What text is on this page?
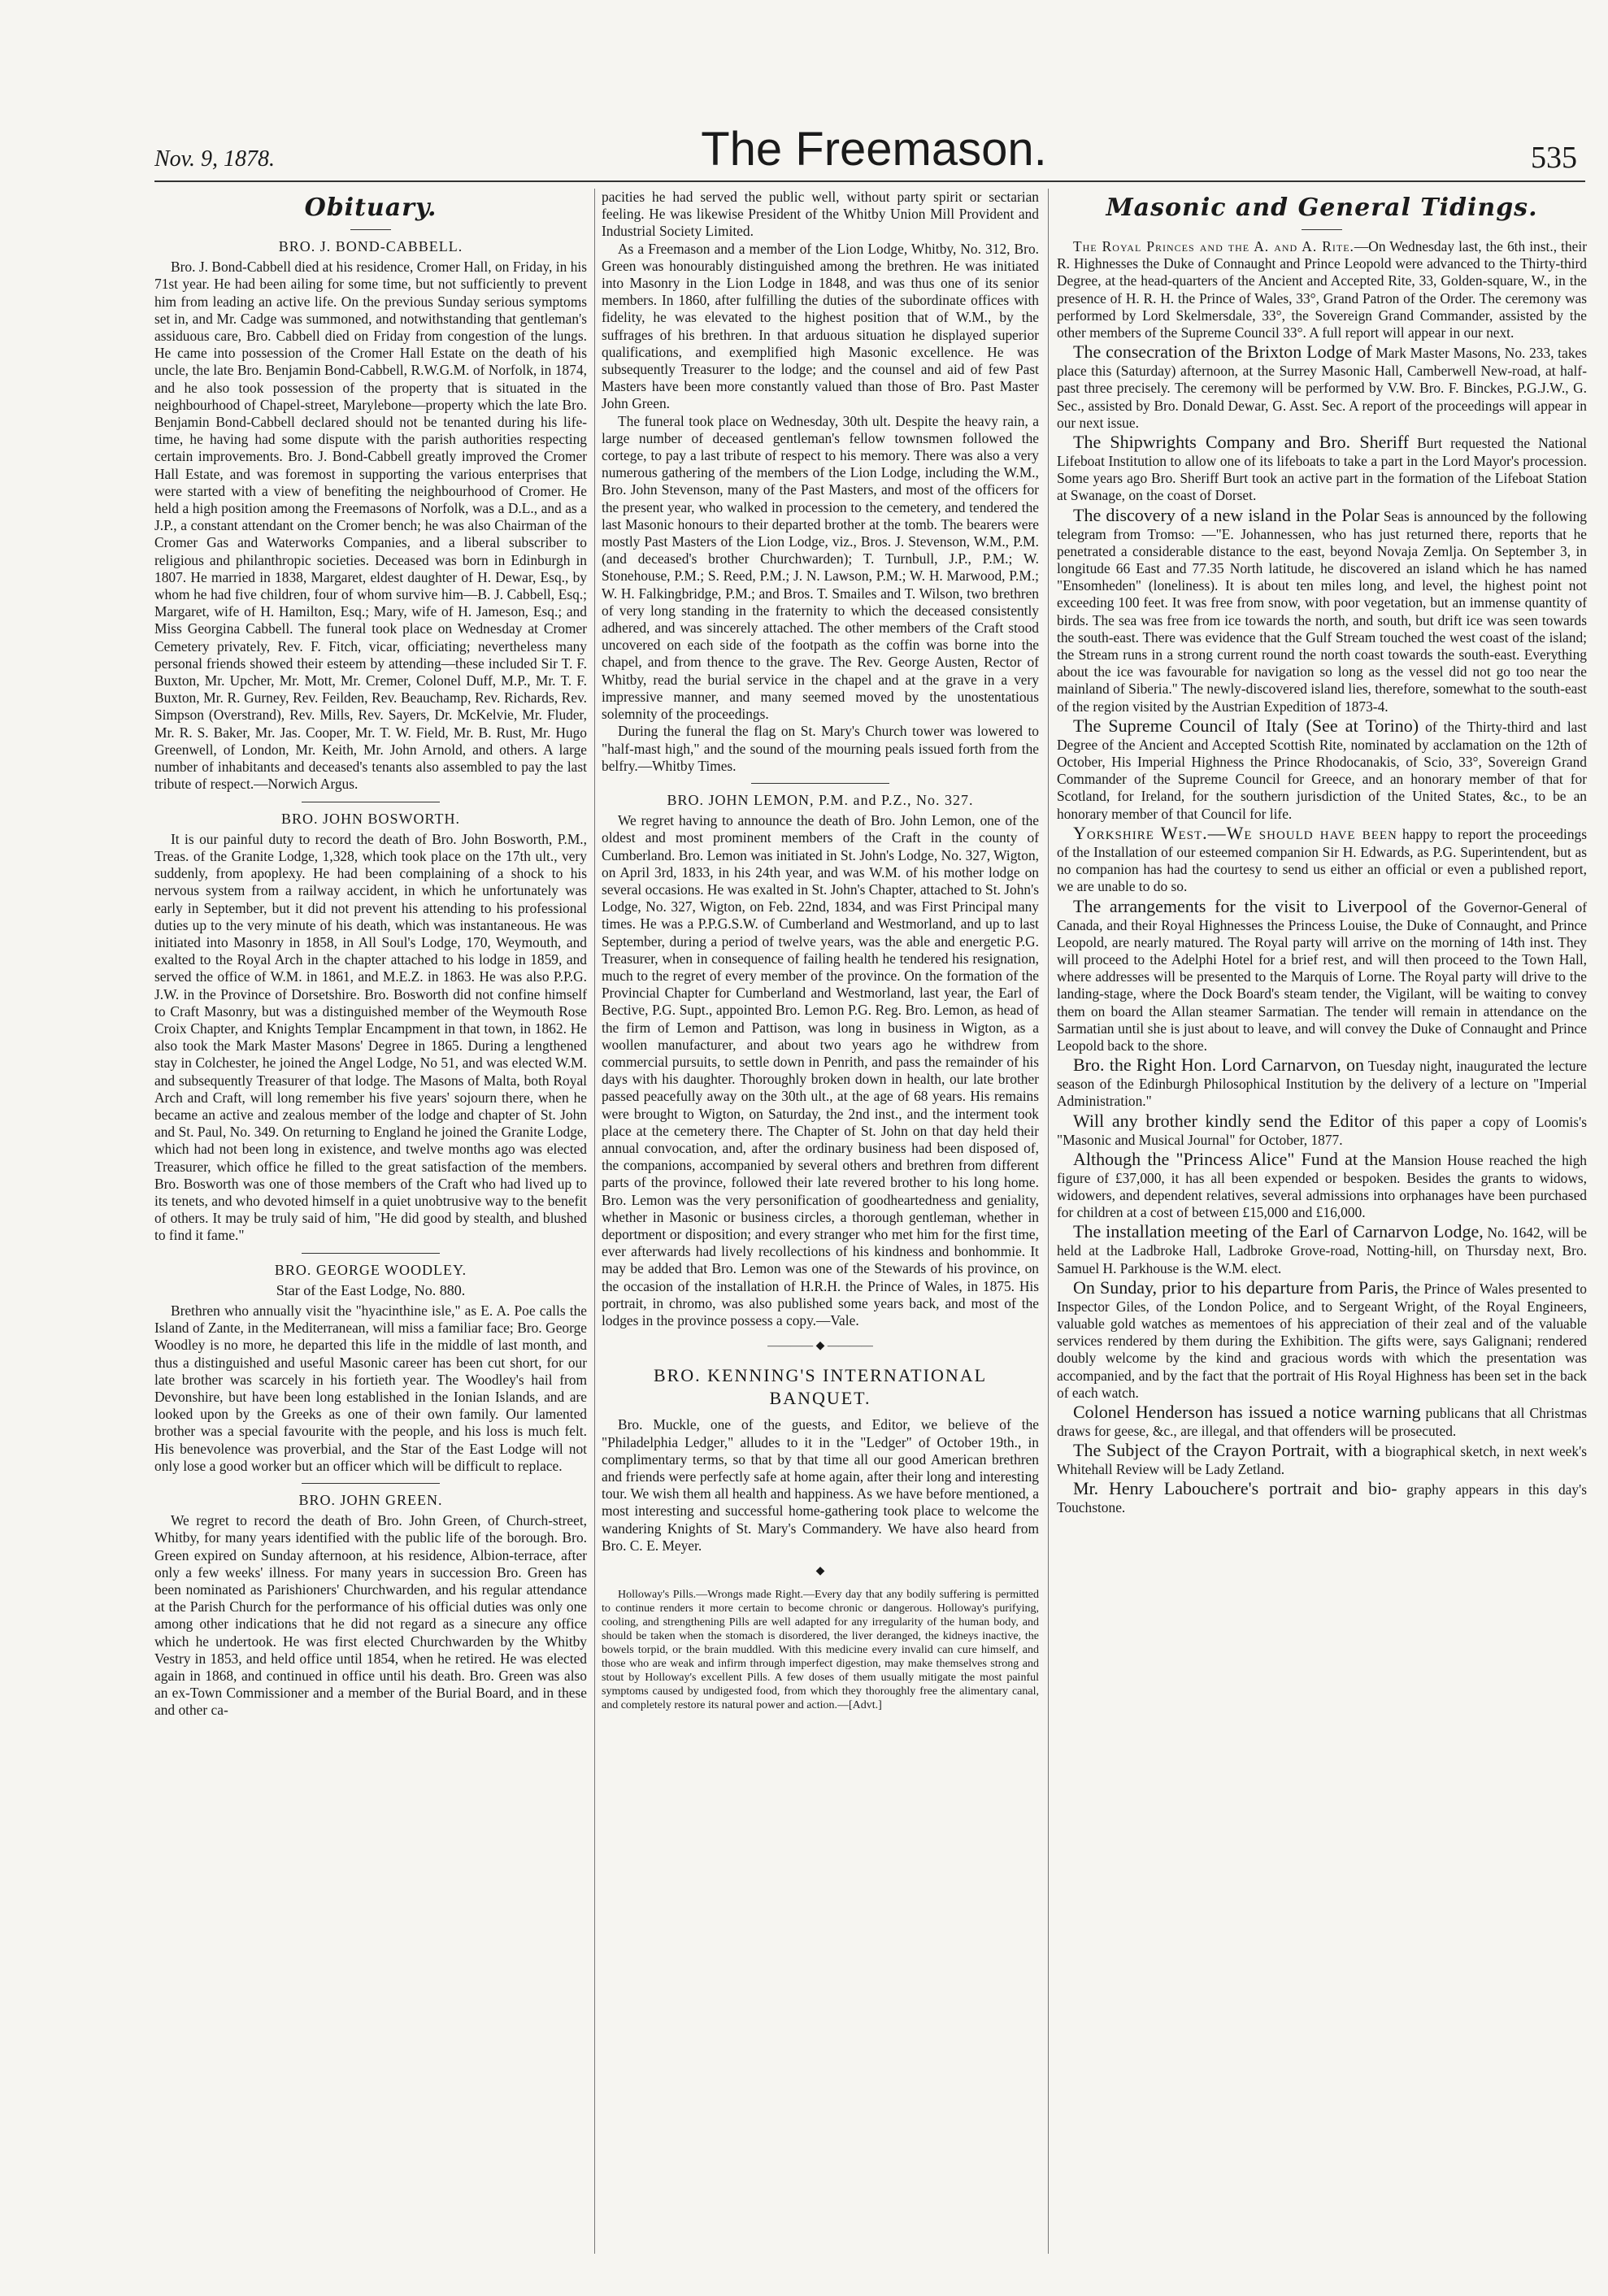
Nov. 9, 1878.	The Freemason.	535
Obituary.
BRO. J. BOND-CABBELL.

Bro. J. Bond-Cabbell died at his residence, Cromer Hall, on Friday, in his 71st year. He had been ailing for some time, but not sufficiently to prevent him from leading an active life. On the previous Sunday serious symptoms set in, and Mr. Cadge was summoned, and notwithstanding that gentleman's assiduous care, Bro. Cabbell died on Friday from congestion of the lungs. He came into possession of the Cromer Hall Estate on the death of his uncle, the late Bro. Benjamin Bond-Cabbell, R.W.G.M. of Norfolk, in 1874, and he also took possession of the property that is situated in the neighbourhood of Chapel-street, Marylebone—property which the late Bro. Benjamin Bond-Cabbell declared should not be tenanted during his life-time, he having had some dispute with the parish authorities respecting certain improvements. Bro. J. Bond-Cabbell greatly improved the Cromer Hall Estate, and was foremost in supporting the various enterprises that were started with a view of benefiting the neighbourhood of Cromer. He held a high position among the Freemasons of Norfolk, was a D.L., and as a J.P., a constant attendant on the Cromer bench; he was also Chairman of the Cromer Gas and Waterworks Companies, and a liberal subscriber to religious and philanthropic societies. Deceased was born in Edinburgh in 1807. He married in 1838, Margaret, eldest daughter of H. Dewar, Esq., by whom he had five children, four of whom survive him—B. J. Cabbell, Esq.; Margaret, wife of H. Hamilton, Esq.; Mary, wife of H. Jameson, Esq.; and Miss Georgina Cabbell. The funeral took place on Wednesday at Cromer Cemetery privately, Rev. F. Fitch, vicar, officiating; nevertheless many personal friends showed their esteem by attending—these included Sir T. F. Buxton, Mr. Upcher, Mr. Mott, Mr. Cremer, Colonel Duff, M.P., Mr. T. F. Buxton, Mr. R. Gurney, Rev. Feilden, Rev. Beauchamp, Rev. Richards, Rev. Simpson (Overstrand), Rev. Mills, Rev. Sayers, Dr. McKelvie, Mr. Fluder, Mr. R. S. Baker, Mr. Jas. Cooper, Mr. T. W. Field, Mr. B. Rust, Mr. Hugo Greenwell, of London, Mr. Keith, Mr. John Arnold, and others. A large number of inhabitants and deceased's tenants also assembled to pay the last tribute of respect.—Norwich Argus.

BRO. JOHN BOSWORTH.

It is our painful duty to record the death of Bro. John Bosworth, P.M., Treas. of the Granite Lodge, 1,328, which took place on the 17th ult., very suddenly, from apoplexy. He had been complaining of a shock to his nervous system from a railway accident, in which he unfortunately was early in September, but it did not prevent his attending to his professional duties up to the very minute of his death, which was instantaneous. He was initiated into Masonry in 1858, in All Soul's Lodge, 170, Weymouth, and exalted to the Royal Arch in the chapter attached to his lodge in 1859, and served the office of W.M. in 1861, and M.E.Z. in 1863. He was also P.P.G. J.W. in the Province of Dorsetshire. Bro. Bosworth did not confine himself to Craft Masonry, but was a distinguished member of the Weymouth Rose Croix Chapter, and Knights Templar Encampment in that town, in 1862. He also took the Mark Master Masons' Degree in 1865. During a lengthened stay in Colchester, he joined the Angel Lodge, No 51, and was elected W.M. and subsequently Treasurer of that lodge. The Masons of Malta, both Royal Arch and Craft, will long remember his five years' sojourn there, when he became an active and zealous member of the lodge and chapter of St. John and St. Paul, No. 349. On returning to England he joined the Granite Lodge, which had not been long in existence, and twelve months ago was elected Treasurer, which office he filled to the great satisfaction of the members. Bro. Bosworth was one of those members of the Craft who had lived up to its tenets, and who devoted himself in a quiet unobtrusive way to the benefit of others. It may be truly said of him, "He did good by stealth, and blushed to find it fame."

BRO. GEORGE WOODLEY.
Star of the East Lodge, No. 880.

Brethren who annually visit the "hyacinthine isle," as E. A. Poe calls the Island of Zante, in the Mediterranean, will miss a familiar face; Bro. George Woodley is no more, he departed this life in the middle of last month, and thus a distinguished and useful Masonic career has been cut short, for our late brother was scarcely in his fortieth year. The Woodley's hail from Devonshire, but have been long established in the Ionian Islands, and are looked upon by the Greeks as one of their own family. Our lamented brother was a special favourite with the people, and his loss is much felt. His benevolence was proverbial, and the Star of the East Lodge will not only lose a good worker but an officer which will be difficult to replace.

BRO. JOHN GREEN.

We regret to record the death of Bro. John Green, of Church-street, Whitby, for many years identified with the public life of the borough. Bro. Green expired on Sunday afternoon, at his residence, Albion-terrace, after only a few weeks' illness. For many years in succession Bro. Green has been nominated as Parishioners' Churchwarden, and his regular attendance at the Parish Church for the performance of his official duties was only one among other indications that he did not regard as a sinecure any office which he undertook. He was first elected Churchwarden by the Whitby Vestry in 1853, and held office until 1854, when he retired. He was elected again in 1868, and continued in office until his death. Bro. Green was also an ex-Town Commissioner and a member of the Burial Board, and in these and other ca-

pacities he had served the public well, without party spirit or sectarian feeling. He was likewise President of the Whitby Union Mill Provident and Industrial Society Limited.

As a Freemason and a member of the Lion Lodge, Whitby, No. 312, Bro. Green was honourably distinguished among the brethren. He was initiated into Masonry in the Lion Lodge in 1848, and was thus one of its senior members. In 1860, after fulfilling the duties of the subordinate offices with fidelity, he was elevated to the highest position that of W.M., by the suffrages of his brethren. In that arduous situation he displayed superior qualifications, and exemplified high Masonic excellence. He was subsequently Treasurer to the lodge; and the counsel and aid of few Past Masters have been more constantly valued than those of Bro. Past Master John Green.

The funeral took place on Wednesday, 30th ult. Despite the heavy rain, a large number of deceased gentleman's fellow townsmen followed the cortege, to pay a last tribute of respect to his memory. There was also a very numerous gathering of the members of the Lion Lodge, including the W.M., Bro. John Stevenson, many of the Past Masters, and most of the officers for the present year, who walked in procession to the cemetery, and tendered the last Masonic honours to their departed brother at the tomb. The bearers were mostly Past Masters of the Lion Lodge, viz., Bros. J. Stevenson, W.M., P.M. (and deceased's brother Churchwarden); T. Turnbull, J.P., P.M.; W. Stonehouse, P.M.; S. Reed, P.M.; J. N. Lawson, P.M.; W. H. Marwood, P.M.; W. H. Falkingbridge, P.M.; and Bros. T. Smailes and T. Wilson, two brethren of very long standing in the fraternity to which the deceased consistently adhered, and was sincerely attached. The other members of the Craft stood uncovered on each side of the footpath as the coffin was borne into the chapel, and from thence to the grave. The Rev. George Austen, Rector of Whitby, read the burial service in the chapel and at the grave in a very impressive manner, and many seemed moved by the unostentatious solemnity of the proceedings.

During the funeral the flag on St. Mary's Church tower was lowered to "half-mast high," and the sound of the mourning peals issued forth from the belfry.—Whitby Times.

BRO. JOHN LEMON, P.M. and P.Z., No. 327.

We regret having to announce the death of Bro. John Lemon, one of the oldest and most prominent members of the Craft in the county of Cumberland. Bro. Lemon was initiated in St. John's Lodge, No. 327, Wigton, on April 3rd, 1833, in his 24th year, and was W.M. of his mother lodge on several occasions. He was exalted in St. John's Chapter, attached to St. John's Lodge, No. 327, Wigton, on Feb. 22nd, 1834, and was First Principal many times. He was a P.P.G.S.W. of Cumberland and Westmorland, and up to last September, during a period of twelve years, was the able and energetic P.G. Treasurer, when in consequence of failing health he tendered his resignation, much to the regret of every member of the province. On the formation of the Provincial Chapter for Cumberland and Westmorland, last year, the Earl of Bective, P.G. Supt., appointed Bro. Lemon P.G. Reg. Bro. Lemon, as head of the firm of Lemon and Pattison, was long in business in Wigton, as a woollen manufacturer, and about two years ago he withdrew from commercial pursuits, to settle down in Penrith, and pass the remainder of his days with his daughter. Thoroughly broken down in health, our late brother passed peacefully away on the 30th ult., at the age of 68 years. His remains were brought to Wigton, on Saturday, the 2nd inst., and the interment took place at the cemetery there. The Chapter of St. John on that day held their annual convocation, and, after the ordinary business had been disposed of, the companions, accompanied by several others and brethren from different parts of the province, followed their late revered brother to his long home. Bro. Lemon was the very personification of goodheartedness and geniality, whether in Masonic or business circles, a thorough gentleman, whether in deportment or disposition; and every stranger who met him for the first time, ever afterwards had lively recollections of his kindness and bonhommie. It may be added that Bro. Lemon was one of the Stewards of his province, on the occasion of the installation of H.R.H. the Prince of Wales, in 1875. His portrait, in chromo, was also published some years back, and most of the lodges in the province possess a copy.—Vale.

———— ◆ ————
BRO. KENNING'S INTERNATIONAL BANQUET.

Bro. Muckle, one of the guests, and Editor, we believe of the "Philadelphia Ledger," alludes to it in the "Ledger" of October 19th., in complimentary terms, so that by that time all our good American brethren and friends were perfectly safe at home again, after their long and interesting tour. We wish them all health and happiness. As we have before mentioned, a most interesting and successful home-gathering took place to welcome the wandering Knights of St. Mary's Commandery. We have also heard from Bro. C. E. Meyer.

◆

Holloway's Pills.—Wrongs made Right.—Every day that any bodily suffering is permitted to continue renders it more certain to become chronic or dangerous. Holloway's purifying, cooling, and strengthening Pills are well adapted for any irregularity of the human body, and should be taken when the stomach is disordered, the liver deranged, the kidneys inactive, the bowels torpid, or the brain muddled. With this medicine every invalid can cure himself, and those who are weak and infirm through imperfect digestion, may make themselves strong and stout by Holloway's excellent Pills. A few doses of them usually mitigate the most painful symptoms caused by undigested food, from which they thoroughly free the alimentary canal, and completely restore its natural power and action.—[Advt.]

Masonic and General Tidings.

The Royal Princes and the A. and A. Rite.—On Wednesday last, the 6th inst., their R. Highnesses the Duke of Connaught and Prince Leopold were advanced to the Thirty-third Degree, at the head-quarters of the Ancient and Accepted Rite, 33, Golden-square, W., in the presence of H. R. H. the Prince of Wales, 33°, Grand Patron of the Order. The ceremony was performed by Lord Skelmersdale, 33°, the Sovereign Grand Commander, assisted by the other members of the Supreme Council 33°. A full report will appear in our next.

The consecration of the Brixton Lodge of Mark Master Masons, No. 233, takes place this (Saturday) afternoon, at the Surrey Masonic Hall, Camberwell New-road, at half-past three precisely. The ceremony will be performed by V.W. Bro. F. Binckes, P.G.J.W., G. Sec., assisted by Bro. Donald Dewar, G. Asst. Sec. A report of the proceedings will appear in our next issue.

The Shipwrights Company and Bro. Sheriff Burt requested the National Lifeboat Institution to allow one of its lifeboats to take a part in the Lord Mayor's procession. Some years ago Bro. Sheriff Burt took an active part in the formation of the Lifeboat Station at Swanage, on the coast of Dorset.

The discovery of a new island in the Polar Seas is announced by the following telegram from Tromso: —"E. Johannessen, who has just returned there, reports that he penetrated a considerable distance to the east, beyond Novaja Zemlja. On September 3, in longitude 66 East and 77.35 North latitude, he discovered an island which he has named "Ensomheden" (loneliness). It is about ten miles long, and level, the highest point not exceeding 100 feet. It was free from snow, with poor vegetation, but an immense quantity of birds. The sea was free from ice towards the north, and south, but drift ice was seen towards the south-east. There was evidence that the Gulf Stream touched the west coast of the island; the Stream runs in a strong current round the north coast towards the south-east. Everything about the ice was favourable for navigation so long as the vessel did not go too near the mainland of Siberia." The newly-discovered island lies, therefore, somewhat to the south-east of the region visited by the Austrian Expedition of 1873-4.

The Supreme Council of Italy (See at Torino) of the Thirty-third and last Degree of the Ancient and Accepted Scottish Rite, nominated by acclamation on the 12th of October, His Imperial Highness the Prince Rhodocanakis, of Scio, 33°, Sovereign Grand Commander of the Supreme Council for Greece, and an honorary member of that for Scotland, for Ireland, for the southern jurisdiction of the United States, &c., to be an honorary member of that Council for life.

Yorkshire West.—We should have been happy to report the proceedings of the Installation of our esteemed companion Sir H. Edwards, as P.G. Superintendent, but as no companion has had the courtesy to send us either an official or even a published report, we are unable to do so.

The arrangements for the visit to Liverpool of the Governor-General of Canada, and their Royal Highnesses the Princess Louise, the Duke of Connaught, and Prince Leopold, are nearly matured. The Royal party will arrive on the morning of 14th inst. They will proceed to the Adelphi Hotel for a brief rest, and will then proceed to the Town Hall, where addresses will be presented to the Marquis of Lorne. The Royal party will drive to the landing-stage, where the Dock Board's steam tender, the Vigilant, will be waiting to convey them on board the Allan steamer Sarmatian. The tender will remain in attendance on the Sarmatian until she is just about to leave, and will convey the Duke of Connaught and Prince Leopold back to the shore.

Bro. the Right Hon. Lord Carnarvon, on Tuesday night, inaugurated the lecture season of the Edinburgh Philosophical Institution by the delivery of a lecture on "Imperial Administration."

Will any brother kindly send the Editor of this paper a copy of Loomis's "Masonic and Musical Journal" for October, 1877.

Although the "Princess Alice" Fund at the Mansion House reached the high figure of £37,000, it has all been expended or bespoken. Besides the grants to widows, widowers, and dependent relatives, several admissions into orphanages have been purchased for children at a cost of between £15,000 and £16,000.

The installation meeting of the Earl of Carnarvon Lodge, No. 1642, will be held at the Ladbroke Hall, Ladbroke Grove-road, Notting-hill, on Thursday next, Bro. Samuel H. Parkhouse is the W.M. elect.

On Sunday, prior to his departure from Paris, the Prince of Wales presented to Inspector Giles, of the London Police, and to Sergeant Wright, of the Royal Engineers, valuable gold watches as mementoes of his appreciation of their zeal and of the valuable services rendered by them during the Exhibition. The gifts were, says Galignani; rendered doubly welcome by the kind and gracious words with which the presentation was accompanied, and by the fact that the portrait of His Royal Highness has been set in the back of each watch.

Colonel Henderson has issued a notice warning publicans that all Christmas draws for geese, &c., are illegal, and that offenders will be prosecuted.

The Subject of the Crayon Portrait, with a biographical sketch, in next week's Whitehall Review will be Lady Zetland.

Mr. Henry Labouchere's portrait and bio- graphy appears in this day's Touchstone.
